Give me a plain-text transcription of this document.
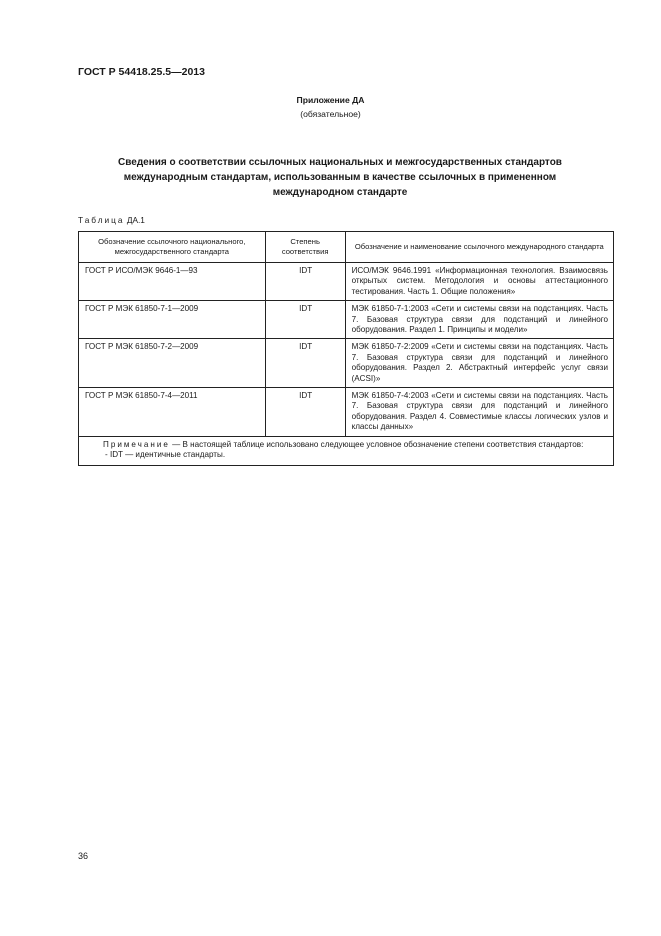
ГОСТ Р 54418.25.5—2013
Приложение ДА
(обязательное)
Сведения о соответствии ссылочных национальных и межгосударственных стандартов международным стандартам, использованным в качестве ссылочных в примененном международном стандарте
Таблица ДА.1
Обозначение ссылочного национального, межгосударственного стандарта	Степень соответствия	Обозначение и наименование ссылочного международного стандарта
ГОСТ Р ИСО/МЭК 9646-1—93	IDT	ИСО/МЭК 9646.1991 «Информационная технология. Взаимосвязь открытых систем. Методология и основы аттестационного тестирования. Часть 1. Общие положения»
ГОСТ Р МЭК 61850-7-1—2009	IDT	МЭК 61850-7-1:2003 «Сети и системы связи на подстанциях. Часть 7. Базовая структура связи для подстанций и линейного оборудования. Раздел 1. Принципы и модели»
ГОСТ Р МЭК 61850-7-2—2009	IDT	МЭК 61850-7-2:2009 «Сети и системы связи на подстанциях. Часть 7. Базовая структура связи для подстанций и линейного оборудования. Раздел 2. Абстрактный интерфейс услуг связи (ACSI)»
ГОСТ Р МЭК 61850-7-4—2011	IDT	МЭК 61850-7-4:2003 «Сети и системы связи на подстанциях. Часть 7. Базовая структура связи для подстанций и линейного оборудования. Раздел 4. Совместимые классы логических узлов и классы данных»

Примечание — В настоящей таблице использовано следующее условное обозначение степени соответствия стандартов:
- IDT — идентичные стандарты.		
36
